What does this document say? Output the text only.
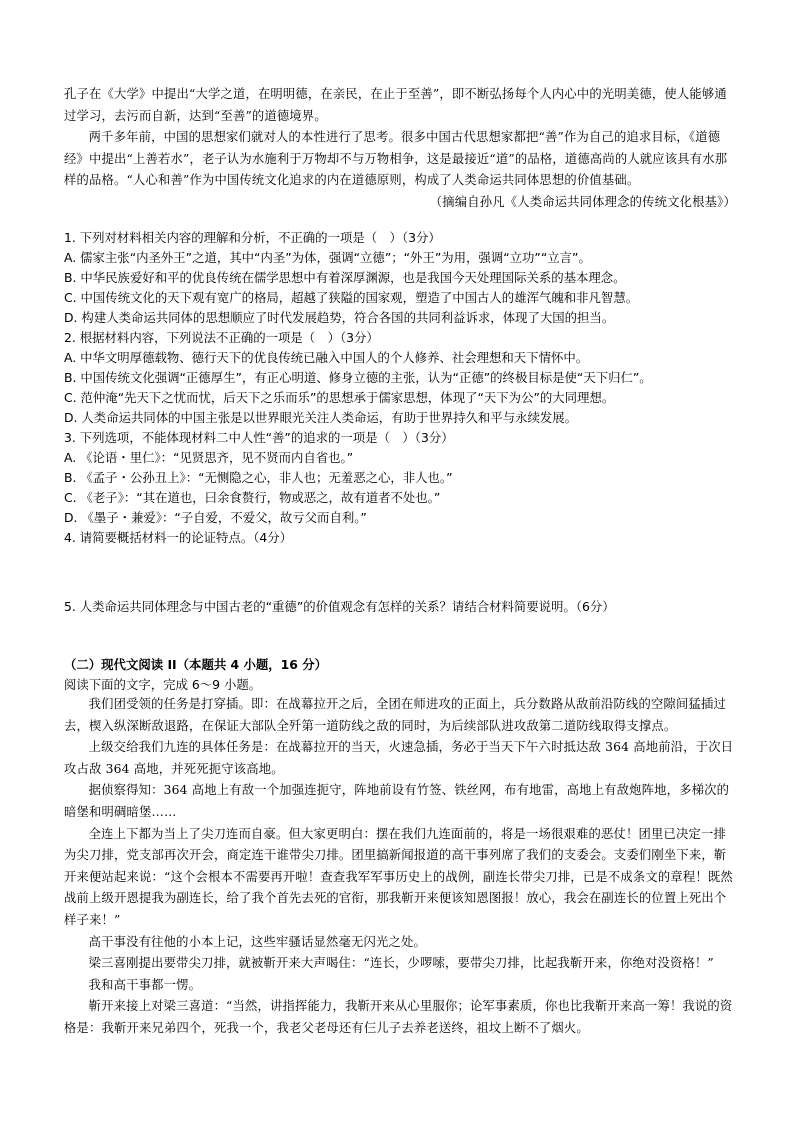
孔子在《大学》中提出“大学之道，在明明德，在亲民，在止于至善”，即不断弘扬每个人内心中的光明美德，使人能够通过学习，去污而自新，达到“至善”的道德境界。

两千多年前，中国的思想家们就对人的本性进行了思考。很多中国古代思想家都把“善”作为自己的追求目标，《道德经》中提出“上善若水”，老子认为水施利于万物却不与万物相争，这是最接近“道”的品格，道德高尚的人就应该具有水那样的品格。“人心和善”作为中国传统文化追求的内在道德原则，构成了人类命运共同体思想的价值基础。

（摘编自孙凡《人类命运共同体理念的传统文化根基》）

1. 下列对材料相关内容的理解和分析，不正确的一项是（　）（3分）

A. 儒家主张“内圣外王”之道，其中“内圣”为体，强调“立德”；“外王”为用，强调“立功”“立言”。

B. 中华民族爱好和平的优良传统在儒学思想中有着深厚渊源，也是我国今天处理国际关系的基本理念。

C. 中国传统文化的天下观有宽广的格局，超越了狭隘的国家观，塑造了中国古人的雄浑气魄和非凡智慧。

D. 构建人类命运共同体的思想顺应了时代发展趋势，符合各国的共同利益诉求，体现了大国的担当。

2. 根据材料内容，下列说法不正确的一项是（　）（3分）

A. 中华文明厚德载物、德行天下的优良传统已融入中国人的个人修养、社会理想和天下情怀中。

B. 中国传统文化强调“正德厚生”，有正心明道、修身立德的主张，认为“正德”的终极目标是使“天下归仁”。

C. 范仲淹“先天下之忧而忧，后天下之乐而乐”的思想承于儒家思想，体现了“天下为公”的大同理想。

D. 人类命运共同体的中国主张是以世界眼光关注人类命运，有助于世界持久和平与永续发展。

3. 下列选项，不能体现材料二中人性“善”的追求的一项是（　）（3分）

A. 《论语・里仁》：“见贤思齐，见不贤而内自省也。”

B. 《孟子・公孙丑上》：“无恻隐之心，非人也；无羞恶之心，非人也。”

C. 《老子》：“其在道也，曰余食赘行，物或恶之，故有道者不处也。”

D. 《墨子・兼爱》：“子自爱，不爱父，故亏父而自利。”

4. 请简要概括材料一的论证特点。（4分）

5. 人类命运共同体理念与中国古老的“重德”的价值观念有怎样的关系？请结合材料简要说明。（6分）

（二）现代文阅读 II（本题共 4 小题，16 分）

阅读下面的文字，完成 6～9 小题。

我们团受领的任务是打穿插。即：在战幕拉开之后，全团在师进攻的正面上，兵分数路从敌前沿防线的空隙间猛插过去，楔入纵深断敌退路，在保证大部队全歼第一道防线之敌的同时，为后续部队进攻敌第二道防线取得支撑点。

上级交给我们九连的具体任务是：在战幕拉开的当天，火速急插，务必于当天下午六时抵达敌 364 高地前沿，于次日攻占敌 364 高地，并死死扼守该高地。

据侦察得知：364 高地上有敌一个加强连扼守，阵地前设有竹签、铁丝网，布有地雷，高地上有敌炮阵地，多梯次的暗堡和明碉暗堡……

全连上下都为当上了尖刀连而自豪。但大家更明白：摆在我们九连面前的，将是一场很艰难的恶仗！团里已决定一排为尖刀排，党支部再次开会，商定连干谁带尖刀排。团里搞新闻报道的高干事列席了我们的支委会。支委们刚坐下来，靳开来便站起来说：“这个会根本不需要再开啦！查查我军军事历史上的战例，副连长带尖刀排，已是不成条文的章程！既然战前上级开恩提我为副连长，给了我个首先去死的官衔，那我靳开来便该知恩图报！放心，我会在副连长的位置上死出个样子来！”

高干事没有往他的小本上记，这些牢骚话显然毫无闪光之处。

梁三喜刚提出要带尖刀排，就被靳开来大声喝住：“连长，少啰嗦，要带尖刀排，比起我靳开来，你绝对没资格！”

我和高干事都一愣。

靳开来接上对梁三喜道：“当然，讲指挥能力，我靳开来从心里服你；论军事素质，你也比我靳开来高一筹！我说的资格是：我靳开来兄弟四个，死我一个，我老父老母还有仨儿子去养老送终，祖坟上断不了烟火。
